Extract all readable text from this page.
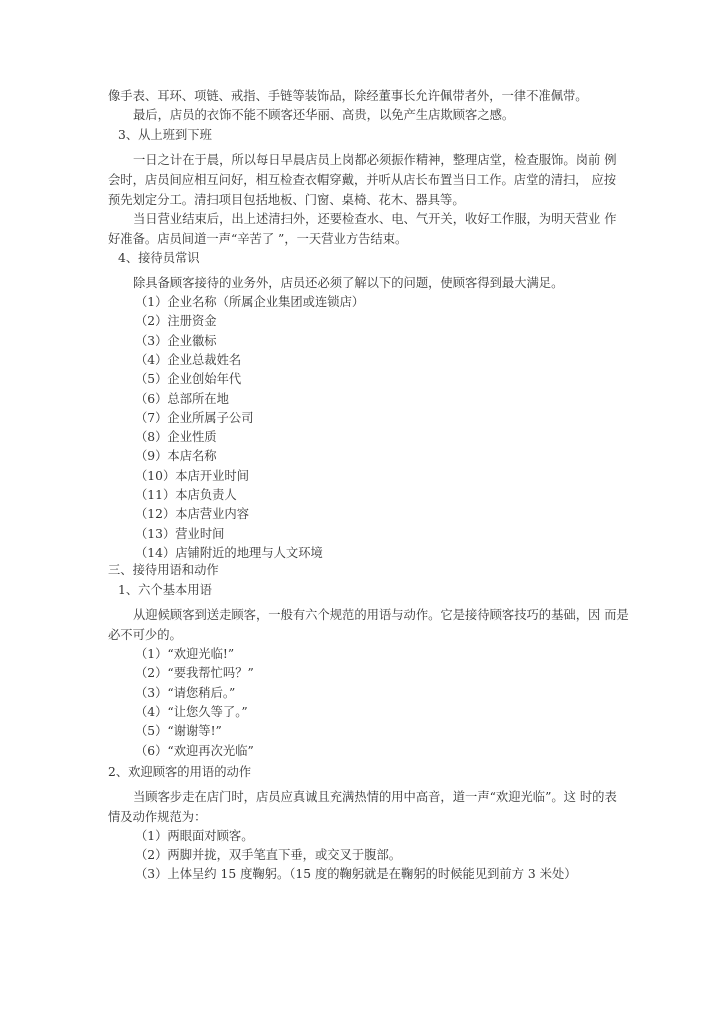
像手表、耳环、项链、戒指、手链等装饰品，除经董事长允许佩带者外，一律不准佩带。
最后，店员的衣饰不能不顾客还华丽、高贵，以免产生店欺顾客之感。
3、从上班到下班
一日之计在于晨，所以每日早晨店员上岗都必须振作精神，整理店堂，检查服饰。岗前 例
会时，店员间应相互问好，相互检查衣帽穿戴，并听从店长布置当日工作。店堂的清扫， 应按
预先划定分工。清扫项目包括地板、门窗、桌椅、花木、器具等。
当日营业结束后，出上述清扫外，还要检查水、电、气开关，收好工作服，为明天营业 作
好准备。店员间道一声“辛苦了 ”，一天营业方告结束。
4、接待员常识
除具备顾客接待的业务外，店员还必须了解以下的问题，使顾客得到最大满足。
（1）企业名称（所属企业集团或连锁店）
（2）注册资金
（3）企业徽标
（4）企业总裁姓名
（5）企业创始年代
（6）总部所在地
（7）企业所属子公司
（8）企业性质
（9）本店名称
（10）本店开业时间
（11）本店负责人
（12）本店营业内容
（13）营业时间
（14）店铺附近的地理与人文环境
三、接待用语和动作
1、六个基本用语
从迎候顾客到送走顾客，一般有六个规范的用语与动作。它是接待顾客技巧的基础，因 而是
必不可少的。
（1）“欢迎光临!”
（2）“要我帮忙吗？”
（3）“请您稍后。”
（4）“让您久等了。”
（5）“谢谢等!”
（6）“欢迎再次光临”
2、欢迎顾客的用语的动作
当顾客步走在店门时，店员应真诚且充满热情的用中高音，道一声“欢迎光临”。这 时的表
情及动作规范为：
（1）两眼面对顾客。
（2）两脚并拢，双手笔直下垂，或交叉于腹部。
（3）上体呈约 15 度鞠躬。（15 度的鞠躬就是在鞠躬的时候能见到前方 3 米处）
